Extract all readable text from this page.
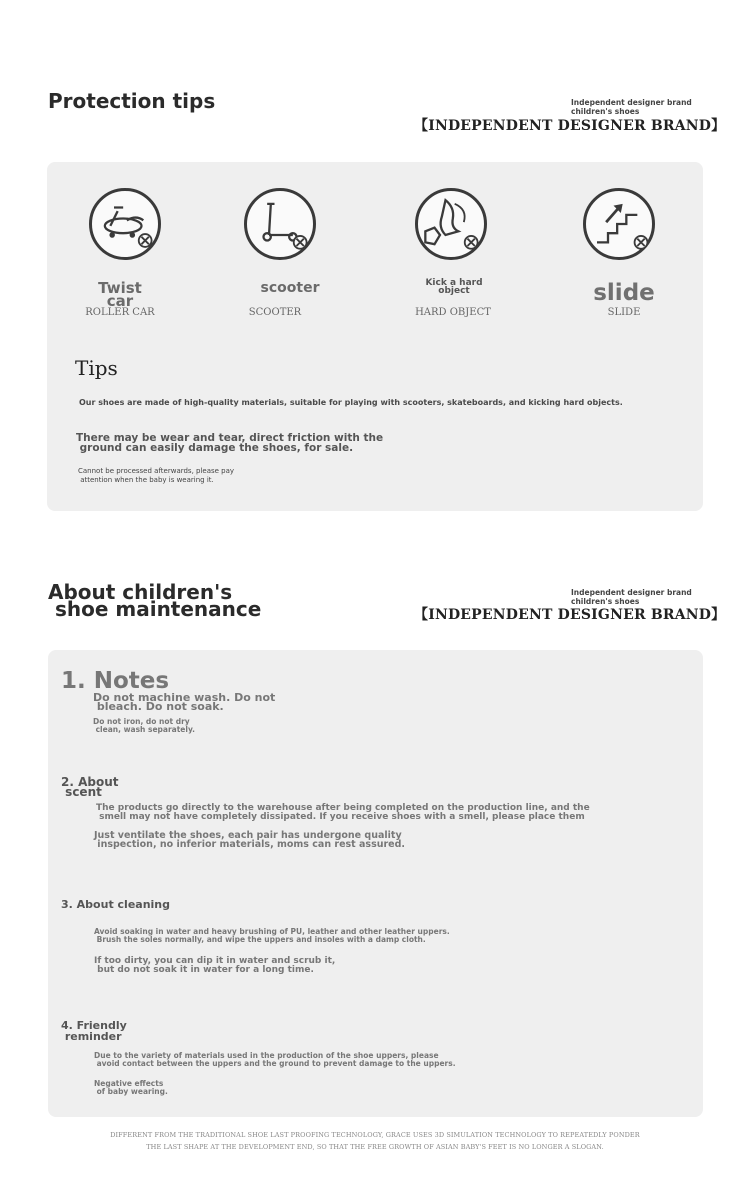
Protection tips	Independent designer brand
children's shoes
【INDEPENDENT DESIGNER BRAND】
Twist
car
ROLLER CAR
scooter
SCOOTER
Kick a hard
object
HARD OBJECT
slide
SLIDE
Tips
Our shoes are made of high-quality materials, suitable for playing with scooters, skateboards, and kicking hard objects.
There may be wear and tear, direct friction with the
ground can easily damage the shoes, for sale.
Cannot be processed afterwards, please pay
attention when the baby is wearing it.
About children's
shoe maintenance
Independent designer brand
children's shoes
【INDEPENDENT DESIGNER BRAND】
1. Notes
Do not machine wash. Do not
bleach. Do not soak.
Do not iron, do not dry
clean, wash separately.
2. About
scent
The products go directly to the warehouse after being completed on the production line, and the
smell may not have completely dissipated. If you receive shoes with a smell, please place them
Just ventilate the shoes, each pair has undergone quality
inspection, no inferior materials, moms can rest assured.
3. About cleaning
Avoid soaking in water and heavy brushing of PU, leather and other leather uppers.
Brush the soles normally, and wipe the uppers and insoles with a damp cloth.
If too dirty, you can dip it in water and scrub it,
but do not soak it in water for a long time.
4. Friendly
reminder
Due to the variety of materials used in the production of the shoe uppers, please
avoid contact between the uppers and the ground to prevent damage to the uppers.
Negative effects
of baby wearing.
DIFFERENT FROM THE TRADITIONAL SHOE LAST PROOFING TECHNOLOGY, GRACE USES 3D SIMULATION TECHNOLOGY TO REPEATEDLY PONDER
THE LAST SHAPE AT THE DEVELOPMENT END, SO THAT THE FREE GROWTH OF ASIAN BABY'S FEET IS NO LONGER A SLOGAN.
